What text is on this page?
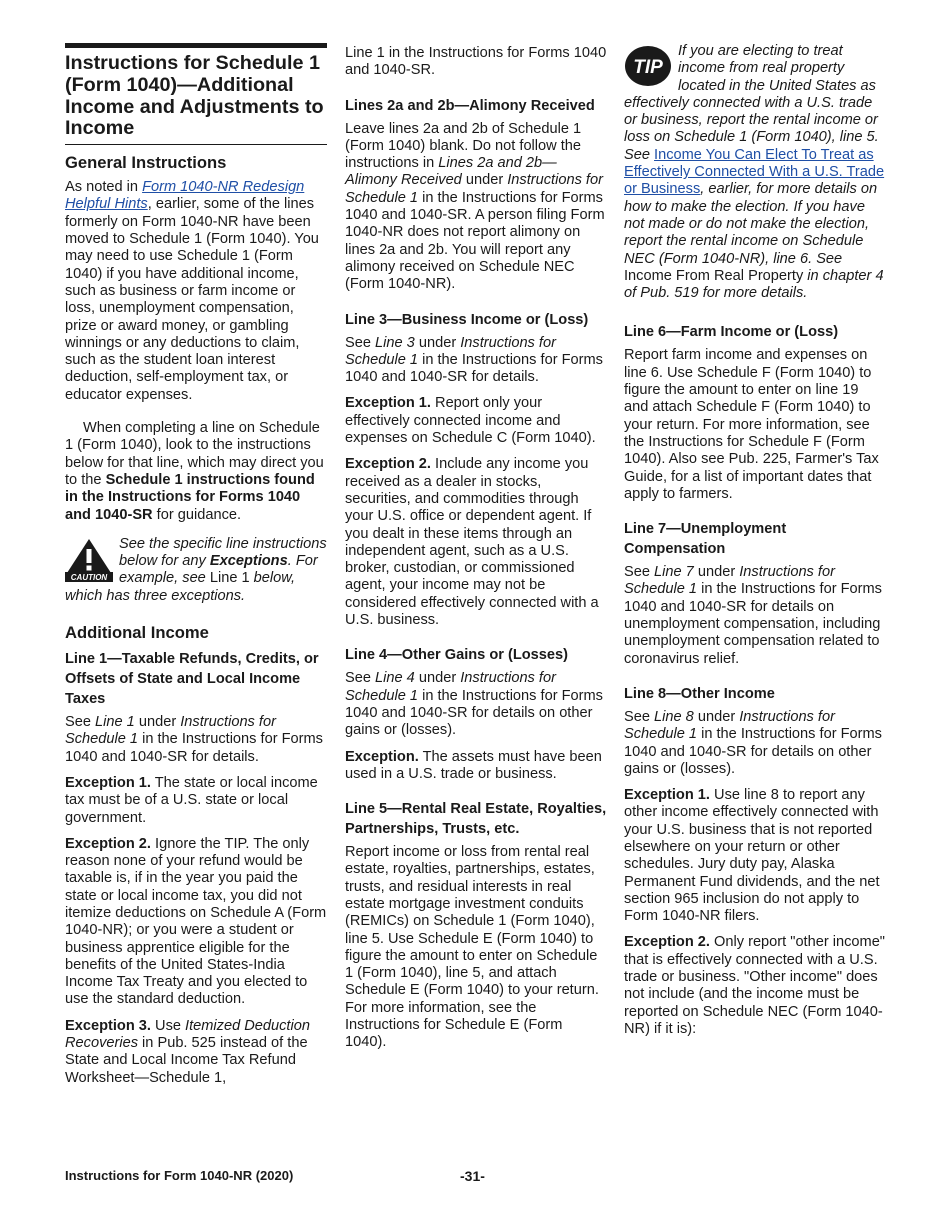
Instructions for Schedule 1 (Form 1040)—Additional Income and Adjustments to Income
General Instructions

As noted in Form 1040-NR Redesign Helpful Hints, earlier, some of the lines formerly on Form 1040-NR have been moved to Schedule 1 (Form 1040). You may need to use Schedule 1 (Form 1040) if you have additional income, such as business or farm income or loss, unemployment compensation, prize or award money, or gambling winnings or any deductions to claim, such as the student loan interest deduction, self-employment tax, or educator expenses.

When completing a line on Schedule 1 (Form 1040), look to the instructions below for that line, which may direct you to the Schedule 1 instructions found in the Instructions for Forms 1040 and 1040-SR for guidance.

CAUTION
See the specific line instructions below for any Exceptions. For example, see Line 1 below, which has three exceptions.

Additional Income
Line 1—Taxable Refunds, Credits, or Offsets of State and Local Income Taxes

See Line 1 under Instructions for Schedule 1 in the Instructions for Forms 1040 and 1040-SR for details.

Exception 1. The state or local income tax must be of a U.S. state or local government.

Exception 2. Ignore the TIP. The only reason none of your refund would be taxable is, if in the year you paid the state or local income tax, you did not itemize deductions on Schedule A (Form 1040-NR); or you were a student or business apprentice eligible for the benefits of the United States-India Income Tax Treaty and you elected to use the standard deduction.

Exception 3. Use Itemized Deduction Recoveries in Pub. 525 instead of the State and Local Income Tax Refund Worksheet—Schedule 1,

Line 1 in the Instructions for Forms 1040 and 1040-SR.

Lines 2a and 2b—Alimony Received

Leave lines 2a and 2b of Schedule 1 (Form 1040) blank. Do not follow the instructions in Lines 2a and 2b—Alimony Received under Instructions for Schedule 1 in the Instructions for Forms 1040 and 1040-SR. A person filing Form 1040-NR does not report alimony on lines 2a and 2b. You will report any alimony received on Schedule NEC (Form 1040-NR).

Line 3—Business Income or (Loss)

See Line 3 under Instructions for Schedule 1 in the Instructions for Forms 1040 and 1040-SR for details.

Exception 1. Report only your effectively connected income and expenses on Schedule C (Form 1040).

Exception 2. Include any income you received as a dealer in stocks, securities, and commodities through your U.S. office or dependent agent. If you dealt in these items through an independent agent, such as a U.S. broker, custodian, or commissioned agent, your income may not be considered effectively connected with a U.S. business.

Line 4—Other Gains or (Losses)

See Line 4 under Instructions for Schedule 1 in the Instructions for Forms 1040 and 1040-SR for details on other gains or (losses).

Exception. The assets must have been used in a U.S. trade or business.

Line 5—Rental Real Estate, Royalties, Partnerships, Trusts, etc.

Report income or loss from rental real estate, royalties, partnerships, estates, trusts, and residual interests in real estate mortgage investment conduits (REMICs) on Schedule 1 (Form 1040), line 5. Use Schedule E (Form 1040) to figure the amount to enter on Schedule 1 (Form 1040), line 5, and attach Schedule E (Form 1040) to your return. For more information, see the Instructions for Schedule E (Form 1040).

TIP
If you are electing to treat income from real property located in the United States as effectively connected with a U.S. trade or business, report the rental income or loss on Schedule 1 (Form 1040), line 5. See Income You Can Elect To Treat as Effectively Connected With a U.S. Trade or Business, earlier, for more details on how to make the election. If you have not made or do not make the election, report the rental income on Schedule NEC (Form 1040-NR), line 6. See Income From Real Property in chapter 4 of Pub. 519 for more details.

Line 6—Farm Income or (Loss)

Report farm income and expenses on line 6. Use Schedule F (Form 1040) to figure the amount to enter on line 19 and attach Schedule F (Form 1040) to your return. For more information, see the Instructions for Schedule F (Form 1040). Also see Pub. 225, Farmer's Tax Guide, for a list of important dates that apply to farmers.

Line 7—Unemployment Compensation

See Line 7 under Instructions for Schedule 1 in the Instructions for Forms 1040 and 1040-SR for details on unemployment compensation, including unemployment compensation related to coronavirus relief.

Line 8—Other Income

See Line 8 under Instructions for Schedule 1 in the Instructions for Forms 1040 and 1040-SR for details on other gains or (losses).

Exception 1. Use line 8 to report any other income effectively connected with your U.S. business that is not reported elsewhere on your return or other schedules. Jury duty pay, Alaska Permanent Fund dividends, and the net section 965 inclusion do not apply to Form 1040-NR filers.

Exception 2. Only report "other income" that is effectively connected with a U.S. trade or business. "Other income" does not include (and the income must be reported on Schedule NEC (Form 1040-NR) if it is):

Instructions for Form 1040-NR (2020)	-31-
